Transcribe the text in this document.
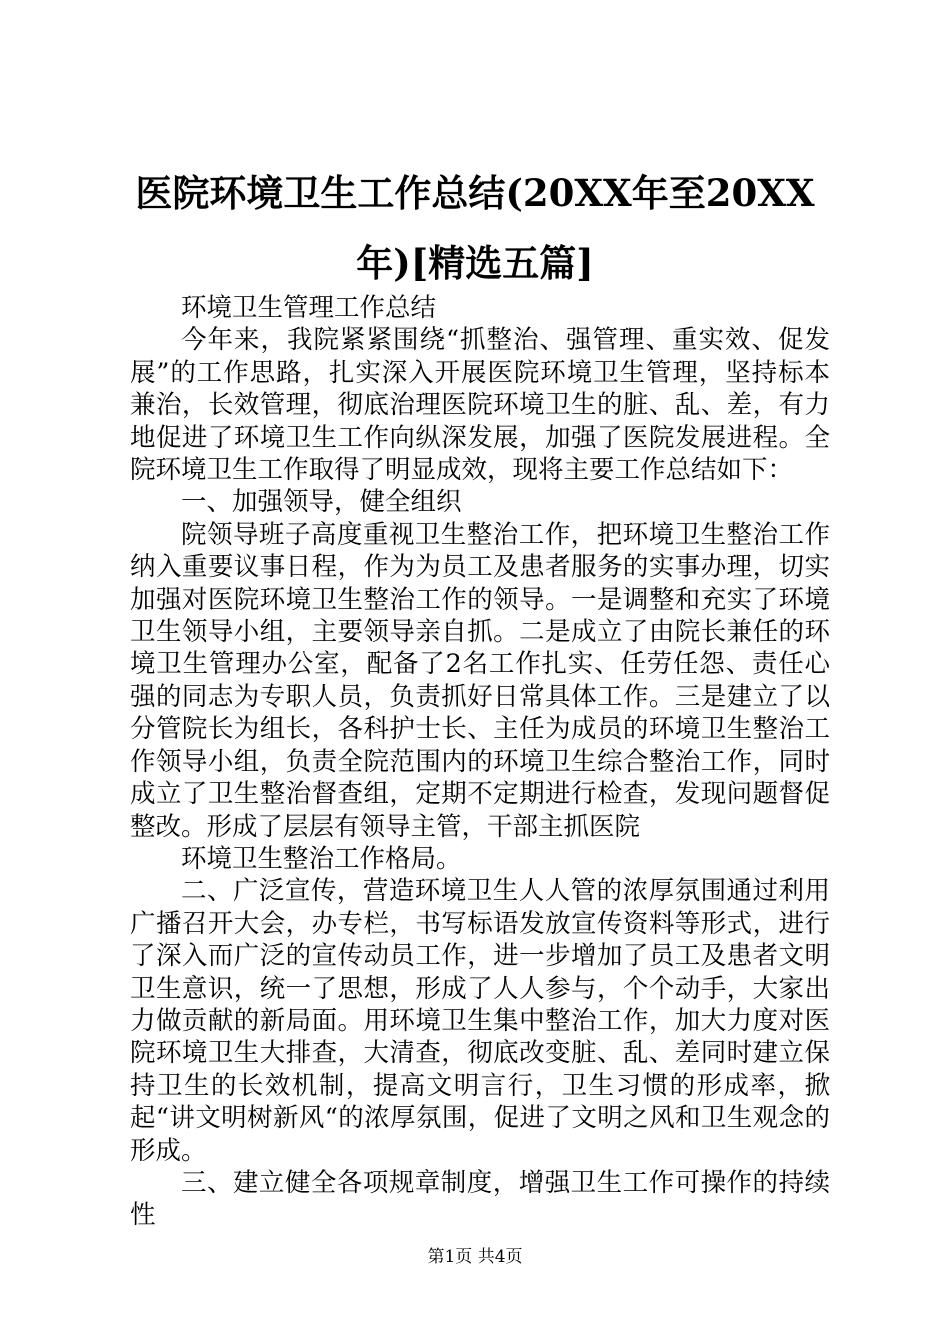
医院环境卫生工作总结(20XX年至20XX年)[精选五篇]

环境卫生管理工作总结

今年来，我院紧紧围绕“抓整治、强管理、重实效、促发展”的工作思路，扎实深入开展医院环境卫生管理，坚持标本兼治，长效管理，彻底治理医院环境卫生的脏、乱、差，有力地促进了环境卫生工作向纵深发展，加强了医院发展进程。全院环境卫生工作取得了明显成效，现将主要工作总结如下：

一、加强领导，健全组织

院领导班子高度重视卫生整治工作，把环境卫生整治工作纳入重要议事日程，作为为员工及患者服务的实事办理，切实加强对医院环境卫生整治工作的领导。一是调整和充实了环境卫生领导小组，主要领导亲自抓。二是成立了由院长兼任的环境卫生管理办公室，配备了2名工作扎实、任劳任怨、责任心强的同志为专职人员，负责抓好日常具体工作。三是建立了以分管院长为组长，各科护士长、主任为成员的环境卫生整治工作领导小组，负责全院范围内的环境卫生综合整治工作，同时成立了卫生整治督查组，定期不定期进行检查，发现问题督促整改。形成了层层有领导主管，干部主抓医院

环境卫生整治工作格局。

二、广泛宣传，营造环境卫生人人管的浓厚氛围通过利用广播召开大会，办专栏，书写标语发放宣传资料等形式，进行了深入而广泛的宣传动员工作，进一步增加了员工及患者文明卫生意识，统一了思想，形成了人人参与，个个动手，大家出力做贡献的新局面。用环境卫生集中整治工作，加大力度对医院环境卫生大排查，大清查，彻底改变脏、乱、差同时建立保持卫生的长效机制，提高文明言行，卫生习惯的形成率，掀起“讲文明树新风“的浓厚氛围，促进了文明之风和卫生观念的形成。

三、建立健全各项规章制度，增强卫生工作可操作的持续性

第1页 共4页
